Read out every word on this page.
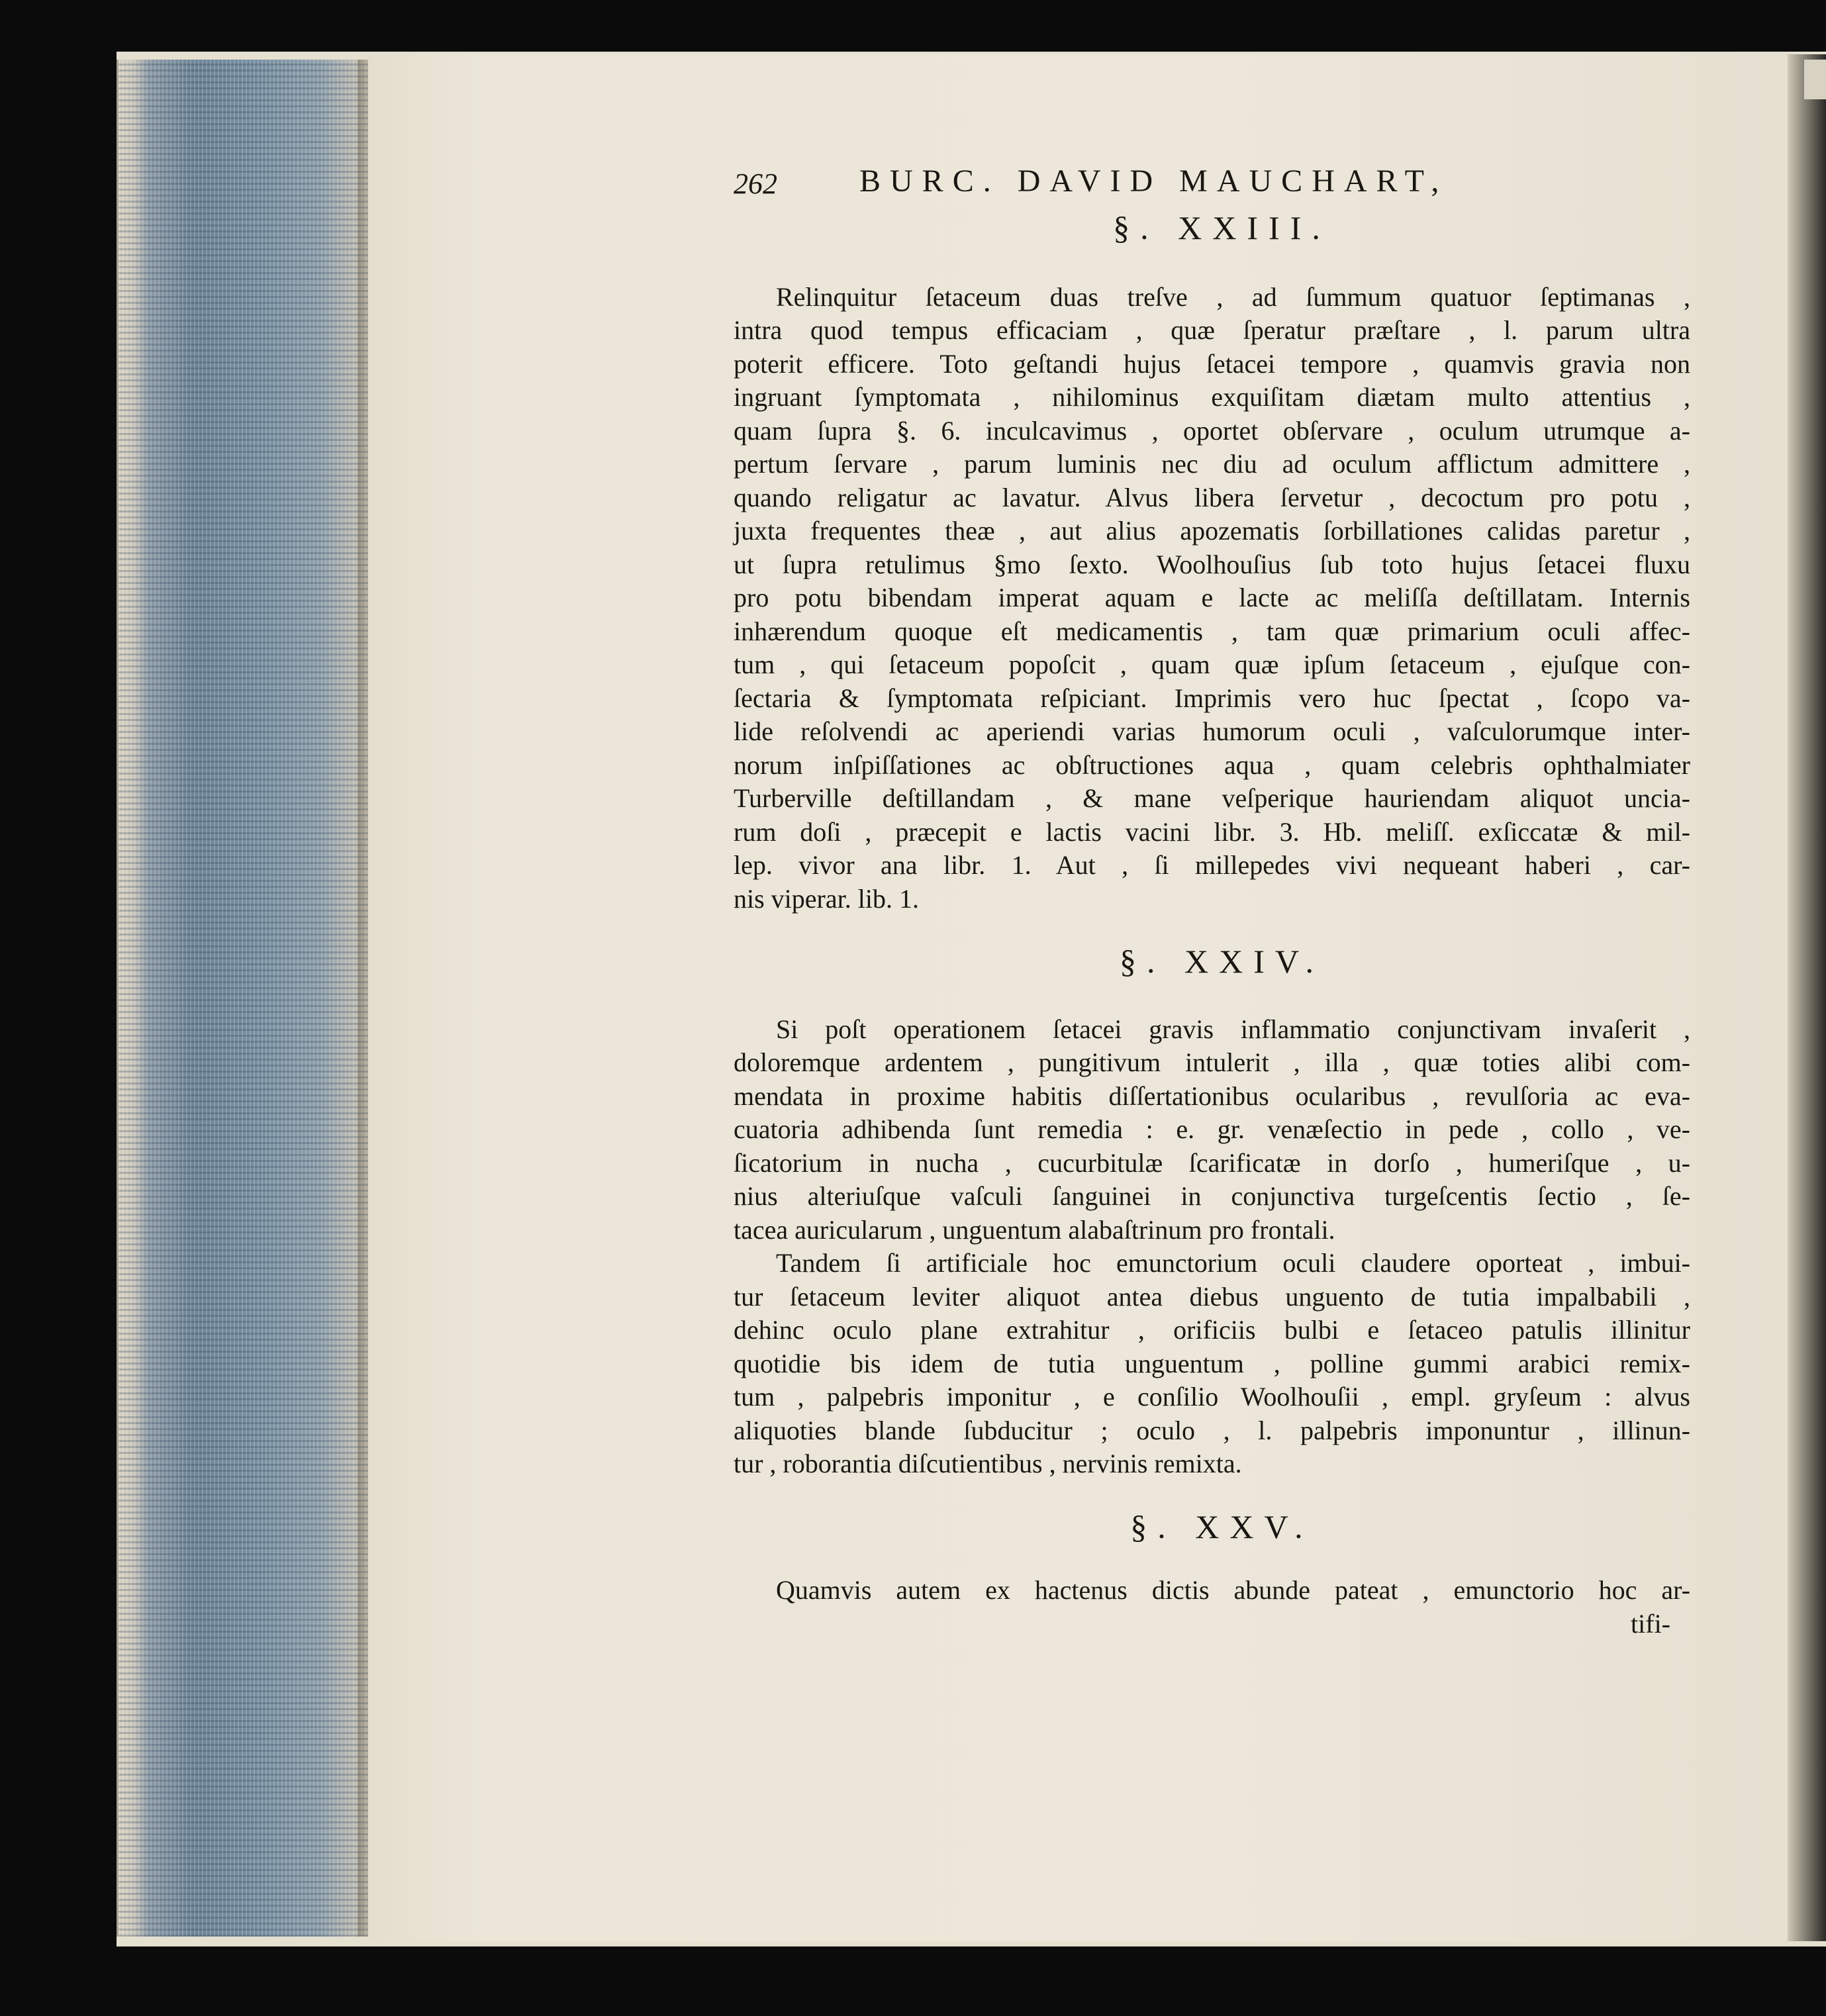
262	BURC. DAVID MAUCHART,
§. XXIII.
Relinquitur ſetaceum duas treſve , ad ſummum quatuor ſeptimanas ,
intra quod tempus efficaciam , quæ ſperatur præſtare , l. parum ultra
poterit efficere. Toto geſtandi hujus ſetacei tempore , quamvis gravia non
ingruant ſymptomata , nihilominus exquiſitam diætam multo attentius ,
quam ſupra §. 6. inculcavimus , oportet obſervare , oculum utrumque a-
pertum ſervare , parum luminis nec diu ad oculum afflictum admittere ,
quando religatur ac lavatur. Alvus libera ſervetur , decoctum pro potu ,
juxta frequentes theæ , aut alius apozematis ſorbillationes calidas paretur ,
ut ſupra retulimus §mo ſexto. Woolhouſius ſub toto hujus ſetacei fluxu
pro potu bibendam imperat aquam e lacte ac meliſſa deſtillatam. Internis
inhærendum quoque eſt medicamentis , tam quæ primarium oculi affec-
tum , qui ſetaceum popoſcit , quam quæ ipſum ſetaceum , ejuſque con-
ſectaria & ſymptomata reſpiciant. Imprimis vero huc ſpectat , ſcopo va-
lide reſolvendi ac aperiendi varias humorum oculi , vaſculorumque inter-
norum inſpiſſationes ac obſtructiones aqua , quam celebris ophthalmiater
Turberville deſtillandam , & mane veſperique hauriendam aliquot uncia-
rum doſi , præcepit e lactis vacini libr. 3. Hb. meliſſ. exſiccatæ & mil-
lep. vivor ana libr. 1. Aut , ſi millepedes vivi nequeant haberi , car-
nis viperar. lib. 1.
§. XXIV.
Si poſt operationem ſetacei gravis inflammatio conjunctivam invaſerit ,
doloremque ardentem , pungitivum intulerit , illa , quæ toties alibi com-
mendata in proxime habitis diſſertationibus ocularibus , revulſoria ac eva-
cuatoria adhibenda ſunt remedia : e. gr. venæſectio in pede , collo , ve-
ſicatorium in nucha , cucurbitulæ ſcarificatæ in dorſo , humeriſque , u-
nius alteriuſque vaſculi ſanguinei in conjunctiva turgeſcentis ſectio , ſe-
tacea auricularum , unguentum alabaſtrinum pro frontali.
Tandem ſi artificiale hoc emunctorium oculi claudere oporteat , imbui-
tur ſetaceum leviter aliquot antea diebus unguento de tutia impalbabili ,
dehinc oculo plane extrahitur , orificiis bulbi e ſetaceo patulis illinitur
quotidie bis idem de tutia unguentum , polline gummi arabici remix-
tum , palpebris imponitur , e conſilio Woolhouſii , empl. gryſeum : alvus
aliquoties blande ſubducitur ; oculo , l. palpebris imponuntur , illinun-
tur , roborantia diſcutientibus , nervinis remixta.
§. XXV.
Quamvis autem ex hactenus dictis abunde pateat , emunctorio hoc ar-
tifi-
